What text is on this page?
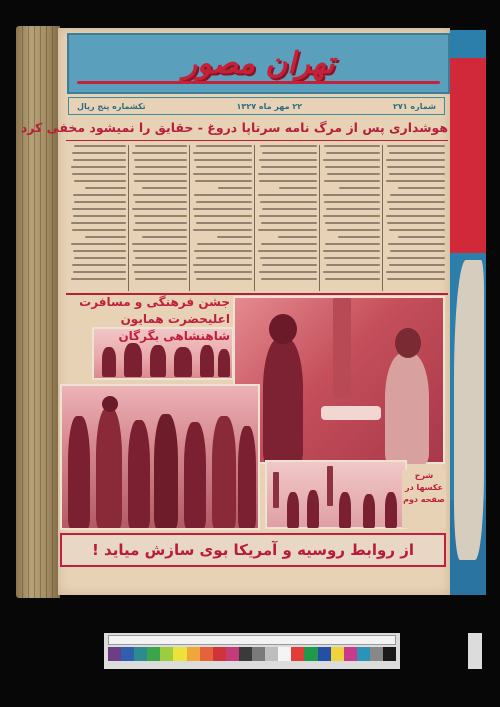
تهران مصور
شماره ۲۷۱
۲۲ مهر ماه ۱۳۲۷
تکشماره پنج ریال
هوشداری پس از مرگ نامه سرتاپا دروغ - حقایق را نمیشود مخفی کرد
جشن فرهنگی و مسافرت اعلیحضرت همایون شاهنشاهی بگرگان
شرح عکسها در صفحه دوم
از روابط روسیه و آمریکا بوی سازش میاید !
